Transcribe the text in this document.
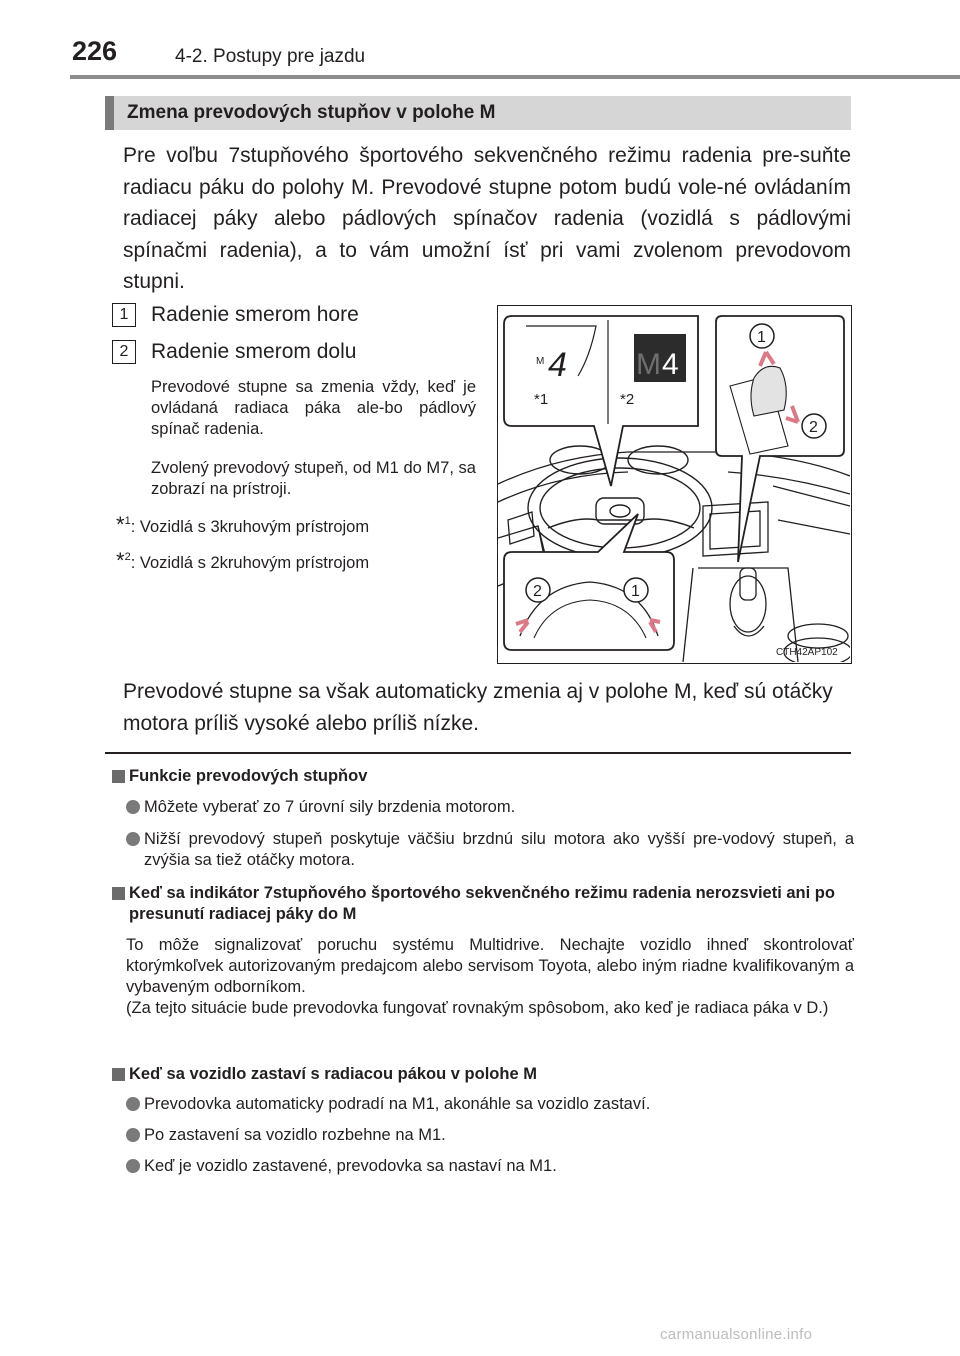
226	4-2. Postupy pre jazdu
Zmena prevodových stupňov v polohe M
Pre voľbu 7stupňového športového sekvenčného režimu radenia pre-suňte radiacu páku do polohy M. Prevodové stupne potom budú vole-né ovládaním radiacej páky alebo pádlových spínačov radenia (vozidlá s pádlovými spínačmi radenia), a to vám umožní ísť pri vami zvolenom prevodovom stupni.
1	Radenie smerom hore
2	Radenie smerom dolu
Prevodové stupne sa zmenia vždy, keď je ovládaná radiaca páka ale-bo pádlový spínač radenia.
Zvolený prevodový stupeň, od M1 do M7, sa zobrazí na prístroji.
*$^1$: Vozidlá s 3kruhovým prístrojom
*$^2$: Vozidlá s 2kruhovým prístrojom
M 4 M 4
*1	*2
1
2
2	1
CTH42AP102
Prevodové stupne sa však automaticky zmenia aj v polohe M, keď sú otáčky motora príliš vysoké alebo príliš nízke.
Funkcie prevodových stupňov
Môžete vyberať zo 7 úrovní sily brzdenia motorom.
Nižší prevodový stupeň poskytuje väčšiu brzdnú silu motora ako vyšší pre-vodový stupeň, a zvýšia sa tiež otáčky motora.
Keď sa indikátor 7stupňového športového sekvenčného režimu radenia nerozsvieti ani po presunutí radiacej páky do M
To môže signalizovať poruchu systému Multidrive. Nechajte vozidlo ihneď skontrolovať ktorýmkoľvek autorizovaným predajcom alebo servisom Toyota, alebo iným riadne kvalifikovaným a vybaveným odborníkom.
(Za tejto situácie bude prevodovka fungovať rovnakým spôsobom, ako keď je radiaca páka v D.)
Keď sa vozidlo zastaví s radiacou pákou v polohe M
Prevodovka automaticky podradí na M1, akonáhle sa vozidlo zastaví.
Po zastavení sa vozidlo rozbehne na M1.
Keď je vozidlo zastavené, prevodovka sa nastaví na M1.
carmanualsonline.info
